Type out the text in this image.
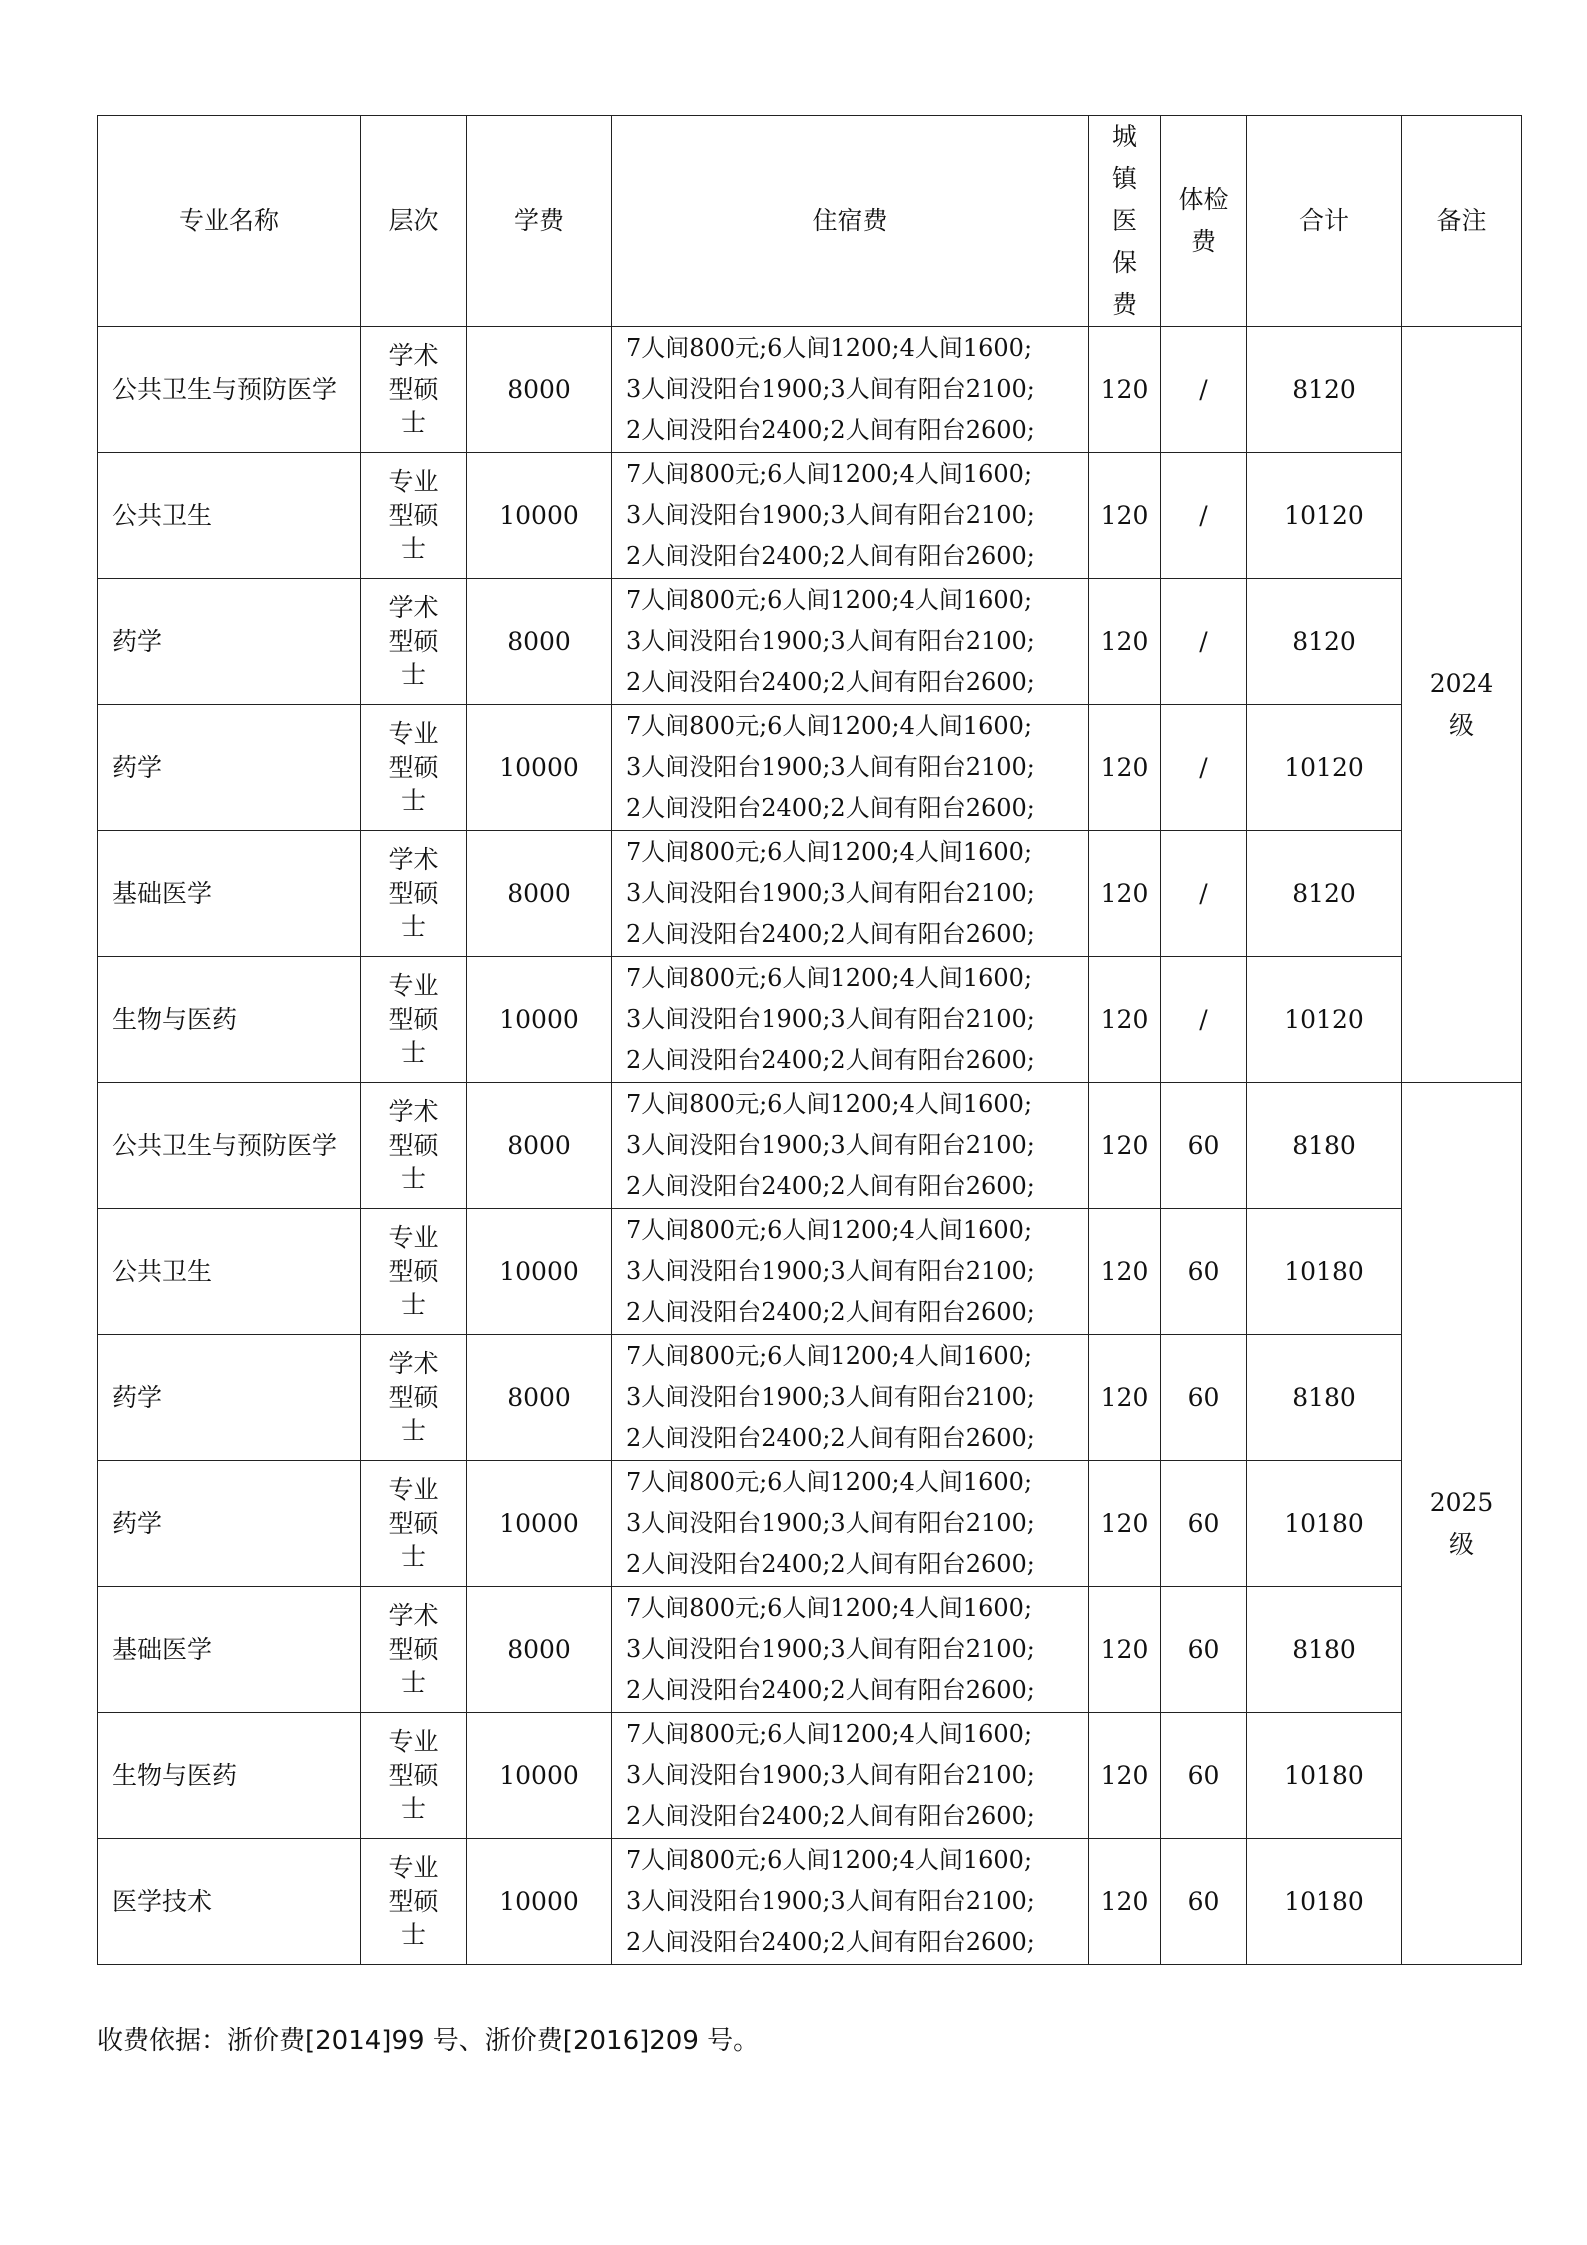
专业名称	层次	学费	住宿费	城
镇
医
保
费	体检
费	合计	备注
公共卫生与预防医学	学术
型硕
士	8000	7人间800元;6人间1200;4人间1600;
3人间没阳台1900;3人间有阳台2100;
2人间没阳台2400;2人间有阳台2600;	120	/	8120	2024
级

公共卫生	专业
型硕
士	10000	7人间800元;6人间1200;4人间1600;
3人间没阳台1900;3人间有阳台2100;
2人间没阳台2400;2人间有阳台2600;	120	/	10120	
药学	学术
型硕
士	8000	7人间800元;6人间1200;4人间1600;
3人间没阳台1900;3人间有阳台2100;
2人间没阳台2400;2人间有阳台2600;	120	/	8120	
药学	专业
型硕
士	10000	7人间800元;6人间1200;4人间1600;
3人间没阳台1900;3人间有阳台2100;
2人间没阳台2400;2人间有阳台2600;	120	/	10120	
基础医学	学术
型硕
士	8000	7人间800元;6人间1200;4人间1600;
3人间没阳台1900;3人间有阳台2100;
2人间没阳台2400;2人间有阳台2600;	120	/	8120	
生物与医药	专业
型硕
士	10000	7人间800元;6人间1200;4人间1600;
3人间没阳台1900;3人间有阳台2100;
2人间没阳台2400;2人间有阳台2600;	120	/	10120	
公共卫生与预防医学	学术
型硕
士	8000	7人间800元;6人间1200;4人间1600;
3人间没阳台1900;3人间有阳台2100;
2人间没阳台2400;2人间有阳台2600;	120	60	8180	2025
级

公共卫生	专业
型硕
士	10000	7人间800元;6人间1200;4人间1600;
3人间没阳台1900;3人间有阳台2100;
2人间没阳台2400;2人间有阳台2600;	120	60	10180	
药学	学术
型硕
士	8000	7人间800元;6人间1200;4人间1600;
3人间没阳台1900;3人间有阳台2100;
2人间没阳台2400;2人间有阳台2600;	120	60	8180	
药学	专业
型硕
士	10000	7人间800元;6人间1200;4人间1600;
3人间没阳台1900;3人间有阳台2100;
2人间没阳台2400;2人间有阳台2600;	120	60	10180	
基础医学	学术
型硕
士	8000	7人间800元;6人间1200;4人间1600;
3人间没阳台1900;3人间有阳台2100;
2人间没阳台2400;2人间有阳台2600;	120	60	8180	
生物与医药	专业
型硕
士	10000	7人间800元;6人间1200;4人间1600;
3人间没阳台1900;3人间有阳台2100;
2人间没阳台2400;2人间有阳台2600;	120	60	10180	
医学技术	专业
型硕
士	10000	7人间800元;6人间1200;4人间1600;
3人间没阳台1900;3人间有阳台2100;
2人间没阳台2400;2人间有阳台2600;	120	60	10180	
收费依据：浙价费[2014]99 号、浙价费[2016]209 号。
